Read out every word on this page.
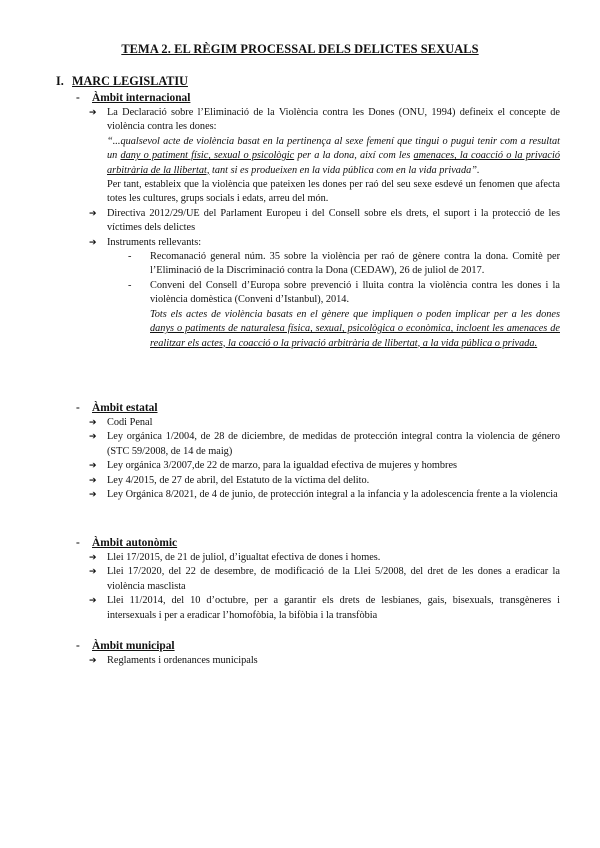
TEMA 2. EL RÈGIM PROCESSAL DELS DELICTES SEXUALS
I. MARC LEGISLATIU
- Àmbit internacional
➔ La Declaració sobre l’Eliminació de la Violència contra les Dones (ONU, 1994) defineix el concepte de violència contra les dones:
“...qualsevol acte de violència basat en la pertinença al sexe femení que tingui o pugui tenir com a resultat un dany o patiment físic, sexual o psicològic per a la dona, així com les amenaces, la coacció o la privació arbitrària de la llibertat, tant si es produeixen en la vida pública com en la vida privada”.
Per tant, estableix que la violència que pateixen les dones per raó del seu sexe esdevé un fenomen que afecta totes les cultures, grups socials i edats, arreu del món.
➔ Directiva 2012/29/UE del Parlament Europeu i del Consell sobre els drets, el suport i la protecció de les víctimes dels delictes
➔ Instruments rellevants:
- Recomanació general núm. 35 sobre la violència per raó de gènere contra la dona. Comitè per l’Eliminació de la Discriminació contra la Dona (CEDAW), 26 de juliol de 2017.
- Conveni del Consell d’Europa sobre prevenció i lluita contra la violència contra les dones i la violència domèstica (Conveni d’Istanbul), 2014.
Tots els actes de violència basats en el gènere que impliquen o poden implicar per a les dones danys o patiments de naturalesa física, sexual, psicològica o econòmica, incloent les amenaces de realitzar els actes, la coacció o la privació arbitrària de llibertat, a la vida pública o privada.
- Àmbit estatal
➔ Codi Penal
➔ Ley orgánica 1/2004, de 28 de diciembre, de medidas de protección integral contra la violencia de género (STC 59/2008, de 14 de maig)
➔ Ley orgánica 3/2007,de 22 de marzo, para la igualdad efectiva de mujeres y hombres
➔ Ley 4/2015, de 27 de abril, del Estatuto de la víctima del delito.
➔ Ley Orgánica 8/2021, de 4 de junio, de protección integral a la infancia y la adolescencia frente a la violencia
- Àmbit autonòmic
➔ Llei 17/2015, de 21 de juliol, d’igualtat efectiva de dones i homes.
➔ Llei 17/2020, del 22 de desembre, de modificació de la Llei 5/2008, del dret de les dones a eradicar la violència masclista
➔ Llei 11/2014, del 10 d’octubre, per a garantir els drets de lesbianes, gais, bisexuals, transgèneres i intersexuals i per a eradicar l’homofòbia, la bifòbia i la transfòbia
- Àmbit municipal
➔ Reglaments i ordenances municipals
